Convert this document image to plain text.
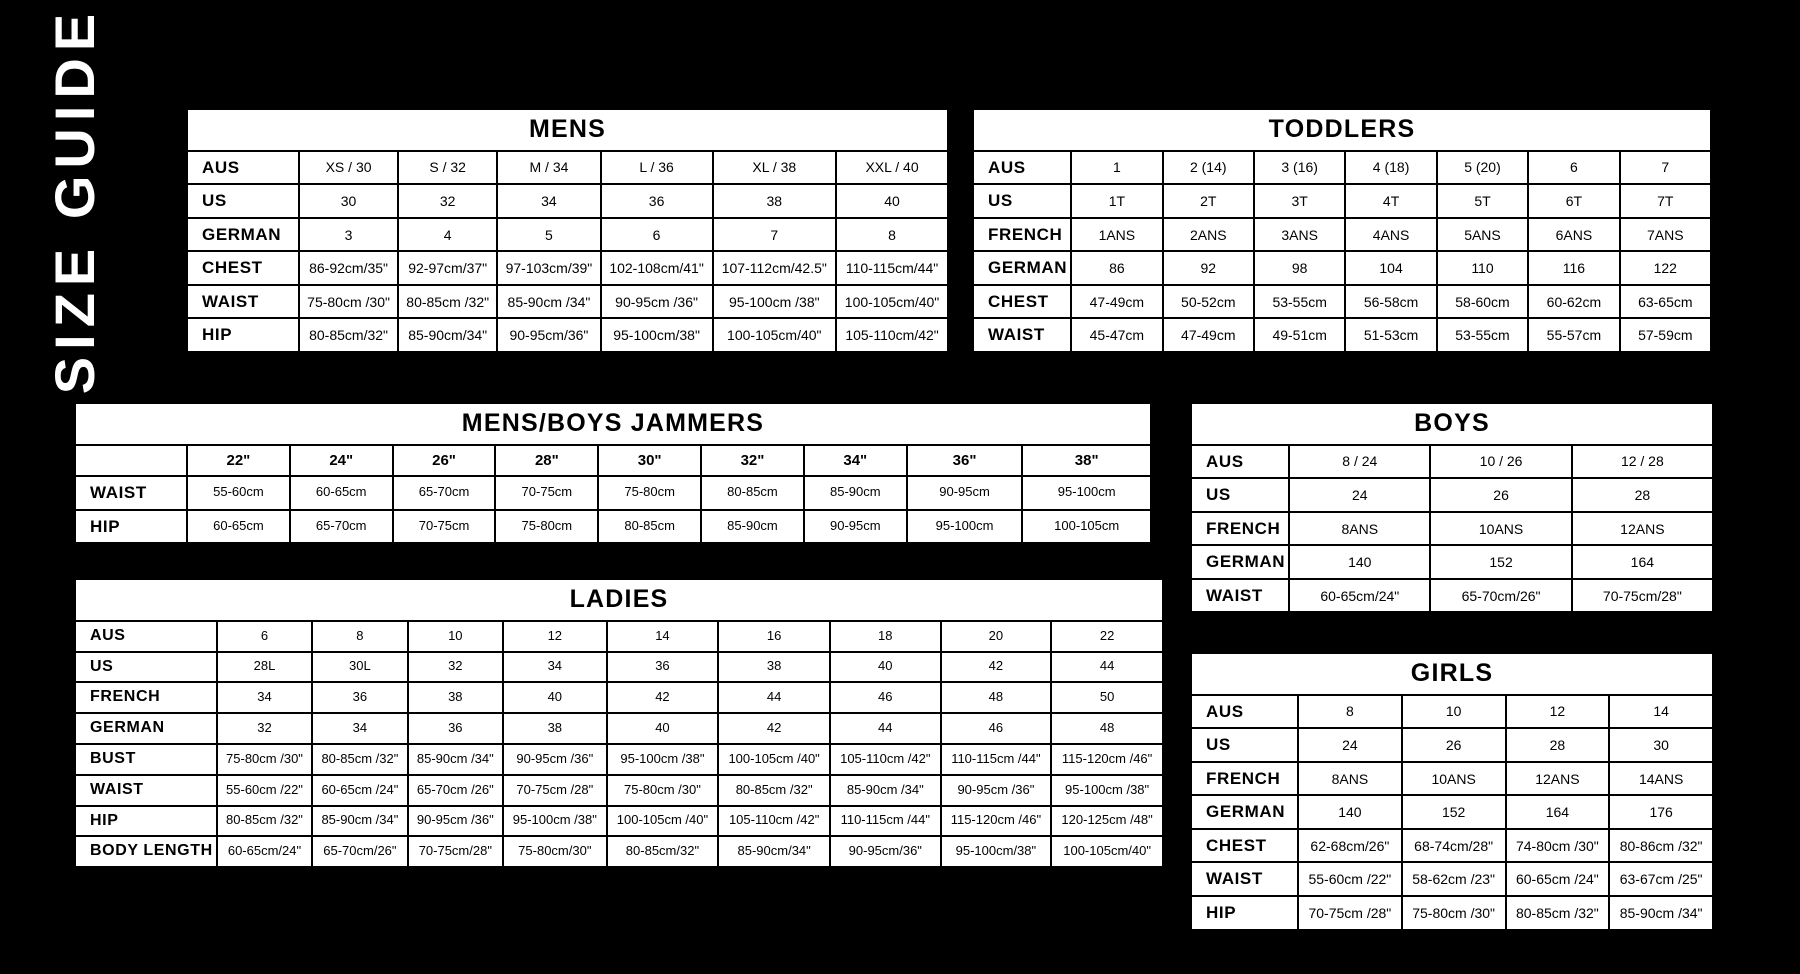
SIZE GUIDE	MENS						
AUS	XS / 30	S / 32	M / 34	L / 36	XL / 38	XXL / 40
US	30	32	34	36	38	40
GERMAN	3	4	5	6	7	8
CHEST	86-92cm/35"	92-97cm/37"	97-103cm/39"	102-108cm/41"	107-112cm/42.5"	110-115cm/44"
WAIST	75-80cm /30"	80-85cm /32"	85-90cm /34"	90-95cm /36"	95-100cm /38"	100-105cm/40"
HIP	80-85cm/32"	85-90cm/34"	90-95cm/36"	95-100cm/38"	100-105cm/40"	105-110cm/42"
TODDLERS							
AUS	1	2 (14)	3 (16)	4 (18)	5 (20)	6	7
US	1T	2T	3T	4T	5T	6T	7T
FRENCH	1ANS	2ANS	3ANS	4ANS	5ANS	6ANS	7ANS
GERMAN	86	92	98	104	110	116	122
CHEST	47-49cm	50-52cm	53-55cm	56-58cm	58-60cm	60-62cm	63-65cm
WAIST	45-47cm	47-49cm	49-51cm	51-53cm	53-55cm	55-57cm	57-59cm
MENS/BOYS JAMMERS									
	22"	24"	26"	28"	30"	32"	34"	36"	38"
WAIST	55-60cm	60-65cm	65-70cm	70-75cm	75-80cm	80-85cm	85-90cm	90-95cm	95-100cm
HIP	60-65cm	65-70cm	70-75cm	75-80cm	80-85cm	85-90cm	90-95cm	95-100cm	100-105cm
BOYS			
AUS	8 / 24	10 / 26	12 / 28
US	24	26	28
FRENCH	8ANS	10ANS	12ANS
GERMAN	140	152	164
WAIST	60-65cm/24"	65-70cm/26"	70-75cm/28"
LADIES									
AUS	6	8	10	12	14	16	18	20	22
US	28L	30L	32	34	36	38	40	42	44
FRENCH	34	36	38	40	42	44	46	48	50
GERMAN	32	34	36	38	40	42	44	46	48
BUST	75-80cm /30"	80-85cm /32"	85-90cm /34"	90-95cm /36"	95-100cm /38"	100-105cm /40"	105-110cm /42"	110-115cm /44"	115-120cm /46"
WAIST	55-60cm /22"	60-65cm /24"	65-70cm /26"	70-75cm /28"	75-80cm /30"	80-85cm /32"	85-90cm /34"	90-95cm /36"	95-100cm /38"
HIP	80-85cm /32"	85-90cm /34"	90-95cm /36"	95-100cm /38"	100-105cm /40"	105-110cm /42"	110-115cm /44"	115-120cm /46"	120-125cm /48"
BODY LENGTH	60-65cm/24"	65-70cm/26"	70-75cm/28"	75-80cm/30"	80-85cm/32"	85-90cm/34"	90-95cm/36"	95-100cm/38"	100-105cm/40"
GIRLS				
AUS	8	10	12	14
US	24	26	28	30
FRENCH	8ANS	10ANS	12ANS	14ANS
GERMAN	140	152	164	176
CHEST	62-68cm/26"	68-74cm/28"	74-80cm /30"	80-86cm /32"
WAIST	55-60cm /22"	58-62cm /23"	60-65cm /24"	63-67cm /25"
HIP	70-75cm /28"	75-80cm /30"	80-85cm /32"	85-90cm /34"
